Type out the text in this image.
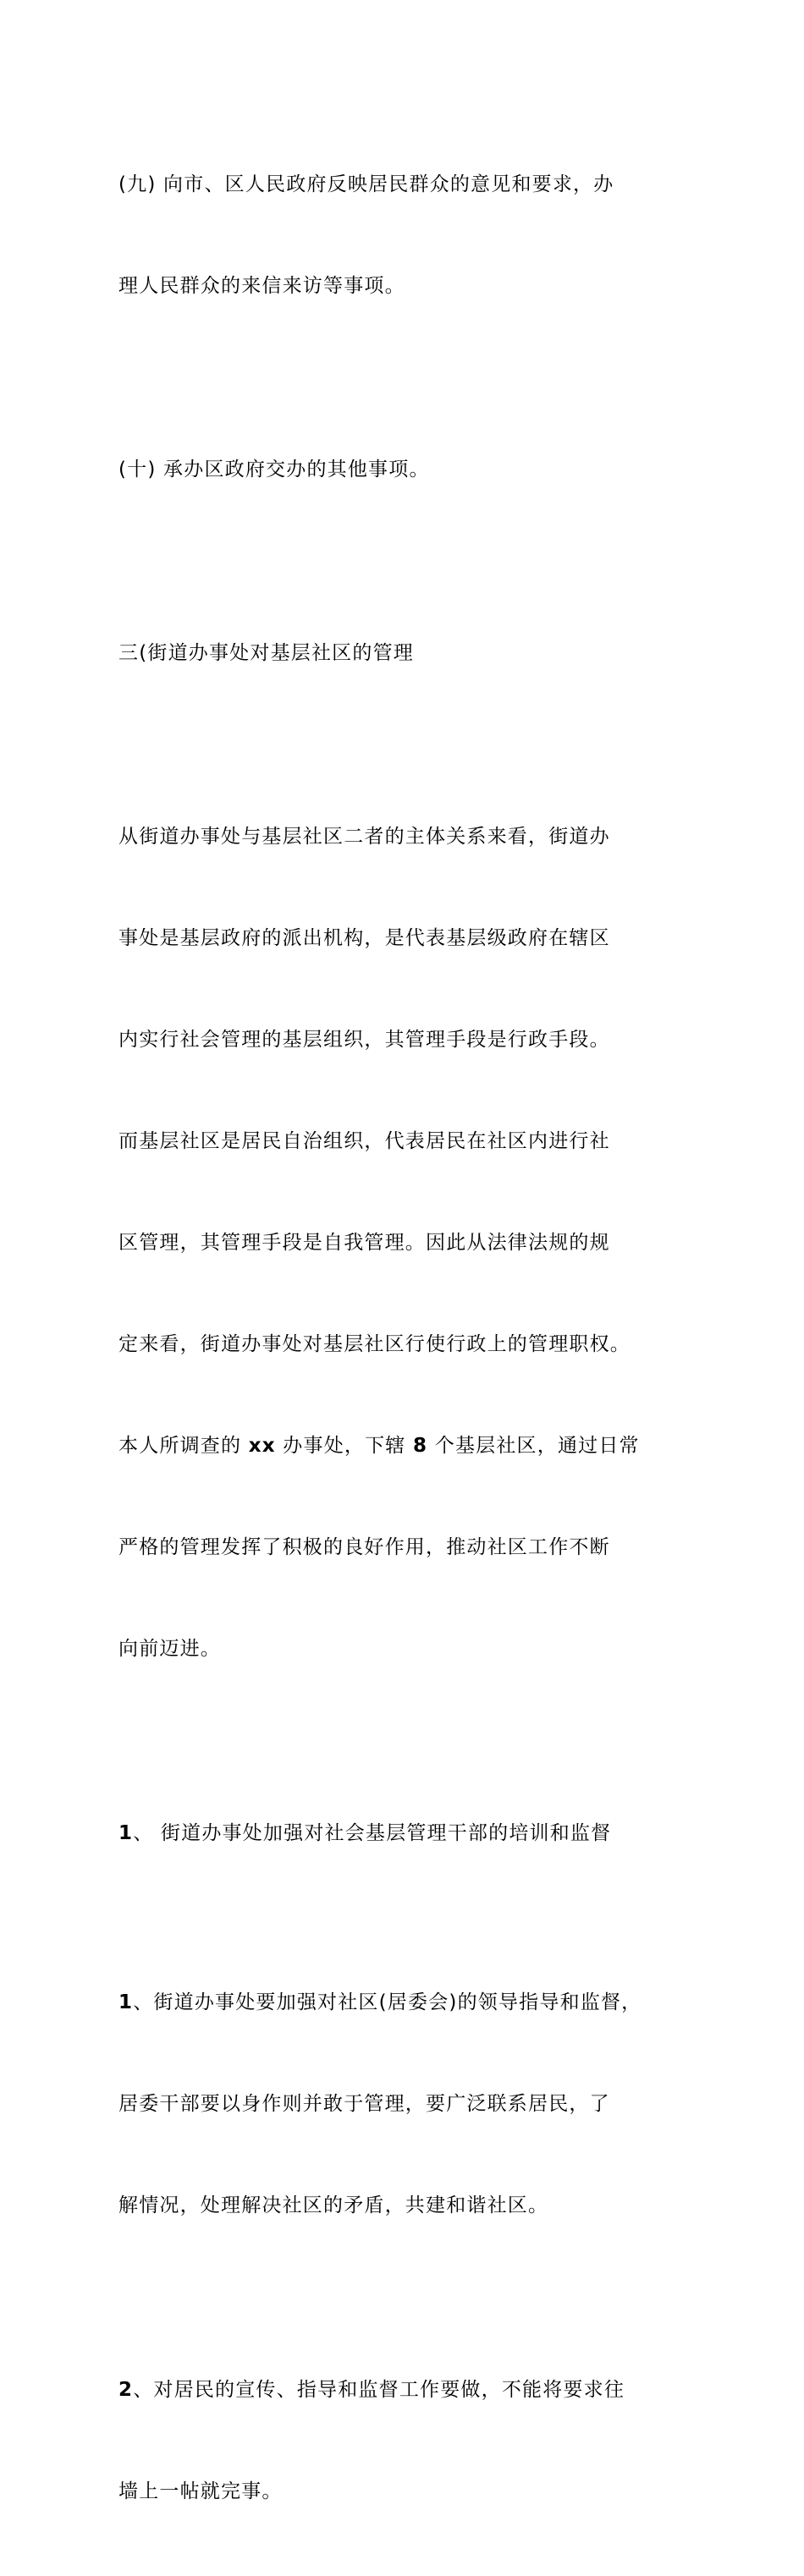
(九) 向市、区人民政府反映居民群众的意见和要求，办

理人民群众的来信来访等事项。

(十) 承办区政府交办的其他事项。

三(街道办事处对基层社区的管理

从街道办事处与基层社区二者的主体关系来看，街道办

事处是基层政府的派出机构，是代表基层级政府在辖区

内实行社会管理的基层组织，其管理手段是行政手段。

而基层社区是居民自治组织，代表居民在社区内进行社

区管理，其管理手段是自我管理。因此从法律法规的规

定来看，街道办事处对基层社区行使行政上的管理职权。

本人所调查的 xx 办事处，下辖 8 个基层社区，通过日常

严格的管理发挥了积极的良好作用，推动社区工作不断

向前迈进。

1、 街道办事处加强对社会基层管理干部的培训和监督

1、街道办事处要加强对社区(居委会)的领导指导和监督，

居委干部要以身作则并敢于管理，要广泛联系居民，了

解情况，处理解决社区的矛盾，共建和谐社区。

2、对居民的宣传、指导和监督工作要做，不能将要求往

墙上一帖就完事。
